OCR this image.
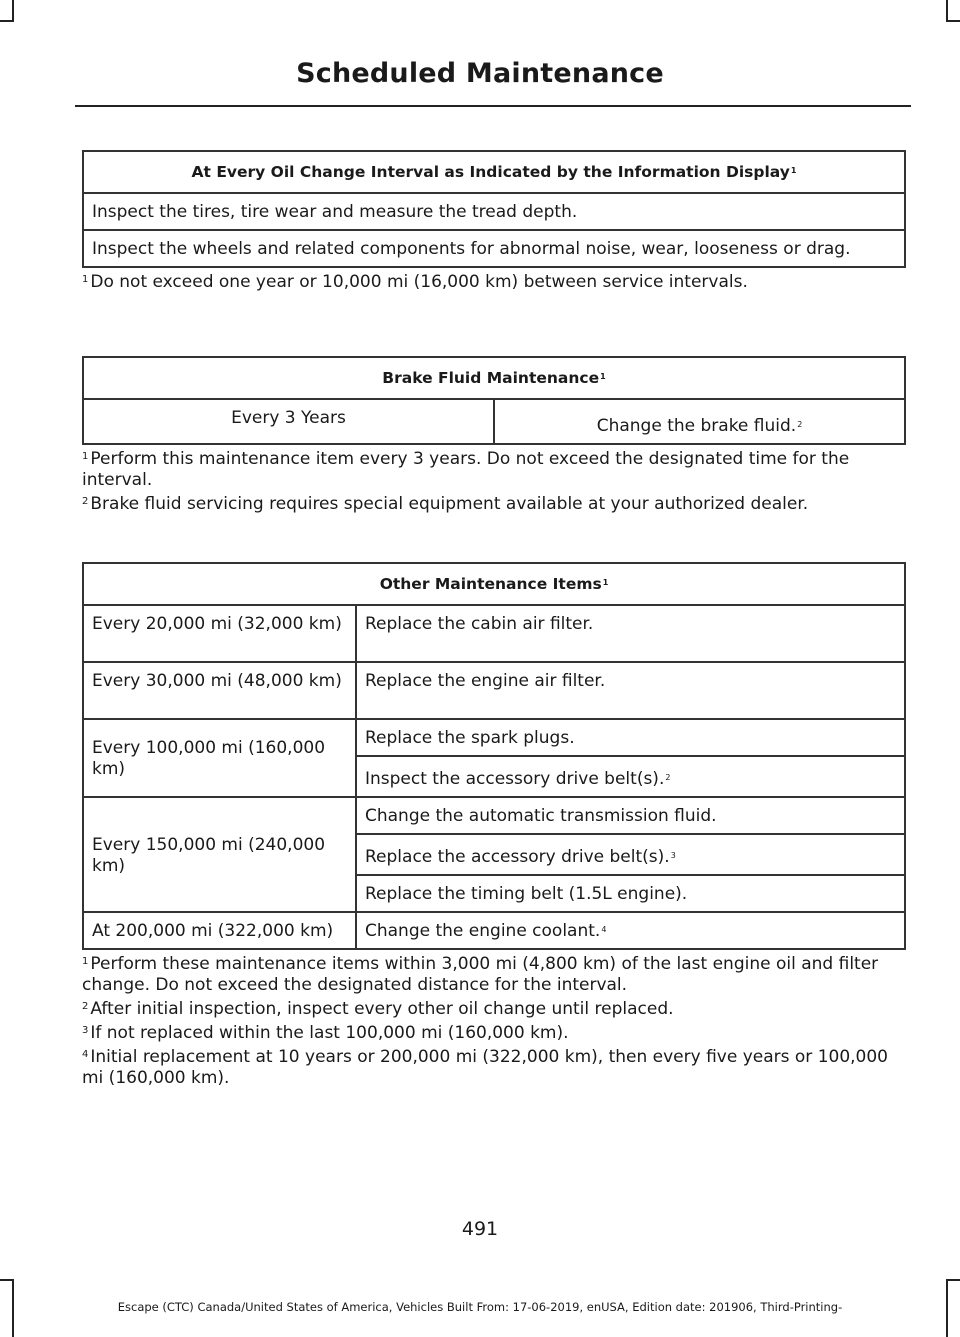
Scheduled Maintenance
At Every Oil Change Interval as Indicated by the Information Display$^1$
Inspect the tires, tire wear and measure the tread depth.
Inspect the wheels and related components for abnormal noise, wear, looseness or drag.

$^1$ Do not exceed one year or 10,000 mi (16,000 km) between service intervals.

Brake Fluid Maintenance$^1$
Every 3 Years	Change the brake fluid.$^2$

$^1$ Perform this maintenance item every 3 years. Do not exceed the designated time for the interval.

$^2$ Brake fluid servicing requires special equipment available at your authorized dealer.

Other Maintenance Items$^1$
Every 20,000 mi (32,000 km)	Replace the cabin air filter.
Every 30,000 mi (48,000 km)	Replace the engine air filter.
Every 100,000 mi (160,000 km)	Replace the spark plugs.
	Inspect the accessory drive belt(s).$^2$
Every 150,000 mi (240,000 km)	Change the automatic transmission fluid.
	Replace the accessory drive belt(s).$^3$
	Replace the timing belt (1.5L engine).
At 200,000 mi (322,000 km)	Change the engine coolant.$^4$

$^1$ Perform these maintenance items within 3,000 mi (4,800 km) of the last engine oil and filter change. Do not exceed the designated distance for the interval.

$^2$ After initial inspection, inspect every other oil change until replaced.

$^3$ If not replaced within the last 100,000 mi (160,000 km).

$^4$ Initial replacement at 10 years or 200,000 mi (322,000 km), then every five years or 100,000 mi (160,000 km).

491
Escape (CTC) Canada/United States of America, Vehicles Built From: 17-06-2019, enUSA, Edition date: 201906, Third-Printing-
